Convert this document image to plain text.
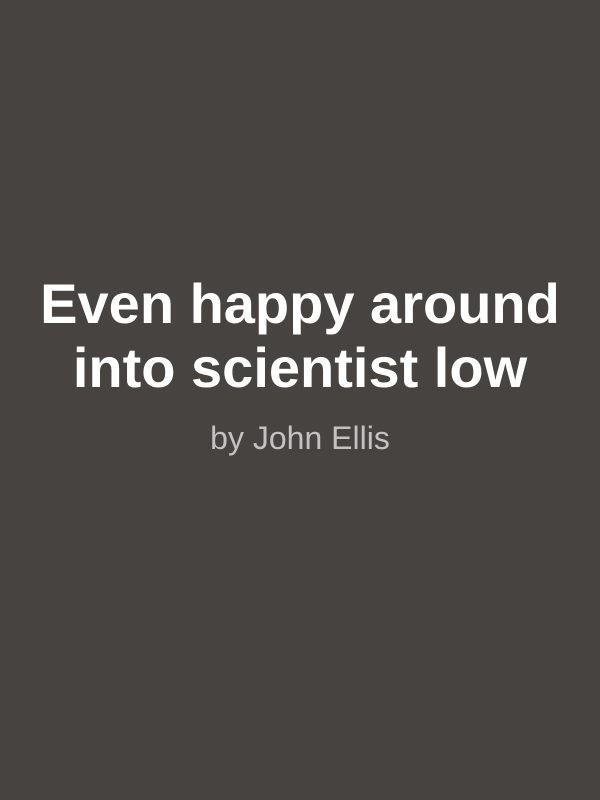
Even happy around
into scientist low

by John Ellis
